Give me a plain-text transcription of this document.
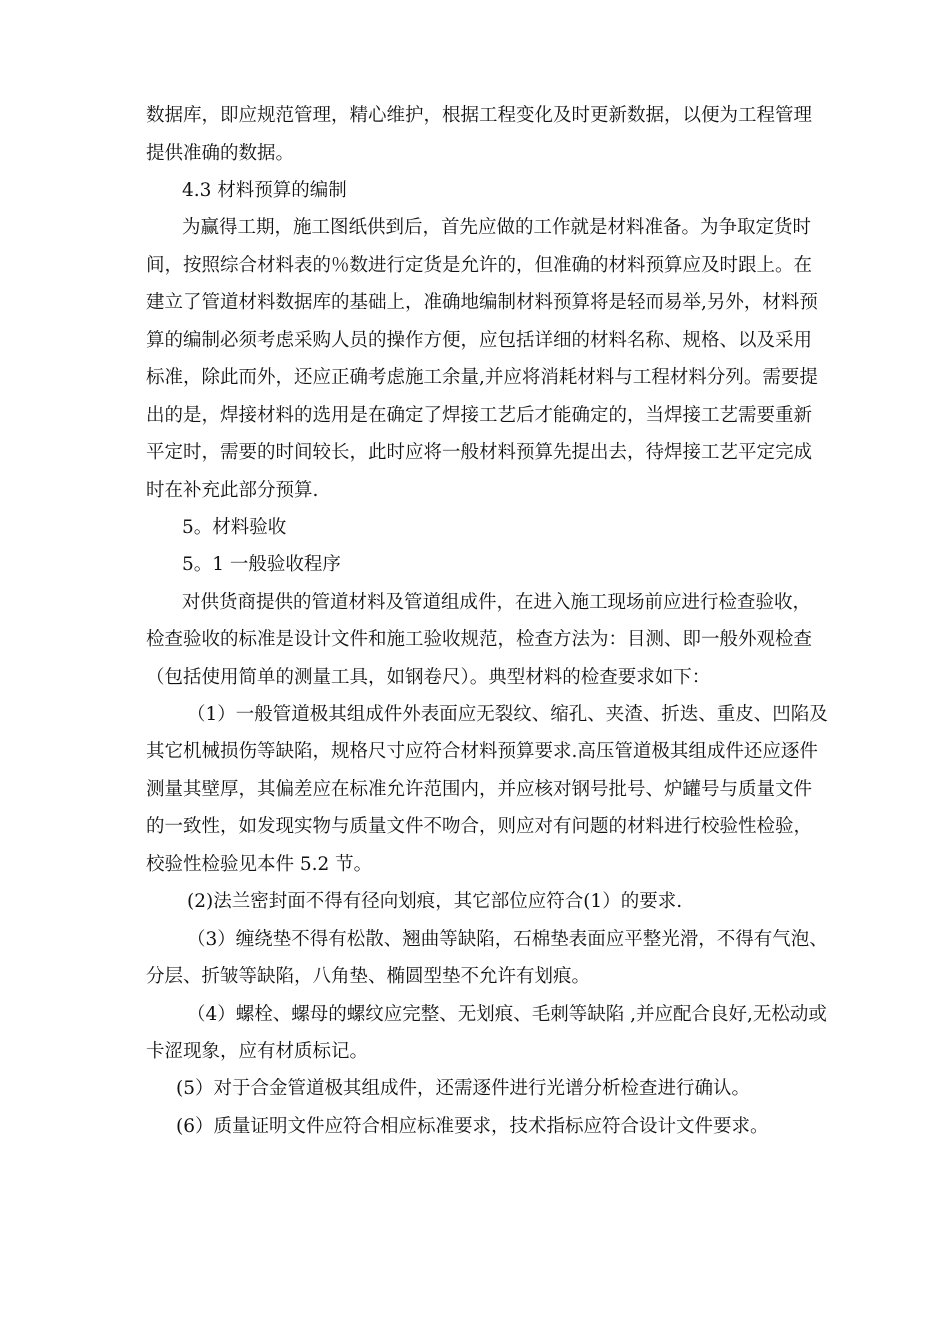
数据库，即应规范管理，精心维护，根据工程变化及时更新数据，以便为工程管理
提供准确的数据。
4.3 材料预算的编制
为赢得工期，施工图纸供到后，首先应做的工作就是材料准备。为争取定货时
间，按照综合材料表的％数进行定货是允许的，但准确的材料预算应及时跟上。在
建立了管道材料数据库的基础上，准确地编制材料预算将是轻而易举,另外，材料预
算的编制必须考虑采购人员的操作方便，应包括详细的材料名称、规格、以及采用
标准，除此而外，还应正确考虑施工余量,并应将消耗材料与工程材料分列。需要提
出的是，焊接材料的选用是在确定了焊接工艺后才能确定的，当焊接工艺需要重新
平定时，需要的时间较长，此时应将一般材料预算先提出去，待焊接工艺平定完成
时在补充此部分预算.
5。材料验收
5。1 一般验收程序
对供货商提供的管道材料及管道组成件，在进入施工现场前应进行检查验收，
检查验收的标准是设计文件和施工验收规范，检查方法为：目测、即一般外观检查
（包括使用简单的测量工具，如钢卷尺）。典型材料的检查要求如下：
（1）一般管道极其组成件外表面应无裂纹、缩孔、夹渣、折迭、重皮、凹陷及
其它机械损伤等缺陷，规格尺寸应符合材料预算要求.高压管道极其组成件还应逐件
测量其壁厚，其偏差应在标准允许范围内，并应核对钢号批号、炉罐号与质量文件
的一致性，如发现实物与质量文件不吻合，则应对有问题的材料进行校验性检验，
校验性检验见本件 5.2 节。
(2)法兰密封面不得有径向划痕，其它部位应符合(1）的要求.
（3）缠绕垫不得有松散、翘曲等缺陷，石棉垫表面应平整光滑，不得有气泡、
分层、折皱等缺陷，八角垫、椭圆型垫不允许有划痕。
（4）螺栓、螺母的螺纹应完整、无划痕、毛刺等缺陷 ,并应配合良好,无松动或
卡涩现象，应有材质标记。
(5）对于合金管道极其组成件，还需逐件进行光谱分析检查进行确认。
(6）质量证明文件应符合相应标准要求，技术指标应符合设计文件要求。
